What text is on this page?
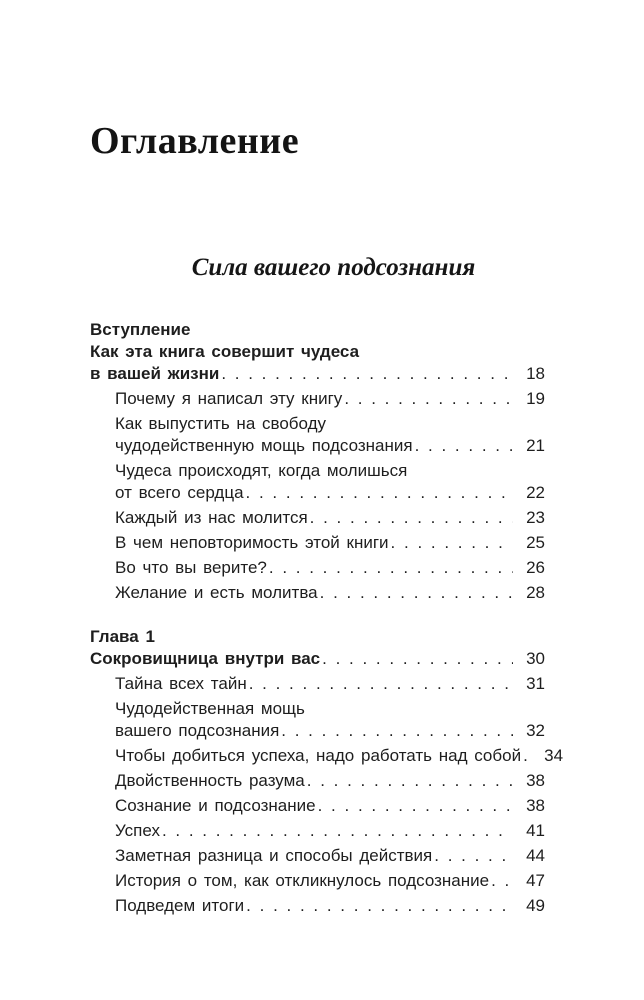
Оглавление
Сила вашего подсознания
Вступление
Как эта книга совершит чудеса
в вашей жизни . . .	18
Почему я написал эту книгу . . .	19
Как выпустить на свободу
чудодейственную мощь подсознания . . .	21
Чудеса происходят, когда молишься
от всего сердца . . .	22
Каждый из нас молится . . .	23
В чем неповторимость этой книги . . .	25
Во что вы верите? . . .	26
Желание и есть молитва . . .	28
Глава 1
Сокровищница внутри вас . . .	30
Тайна всех тайн . . .	31
Чудодейственная мощь
вашего подсознания . . .	32
Чтобы добиться успеха, надо работать над собой . . .	34
Двойственность разума . . .	38
Сознание и подсознание . . .	38
Успех . . .	41
Заметная разница и способы действия . . .	44
История о том, как откликнулось подсознание . . .	47
Подведем итоги . . .	49
